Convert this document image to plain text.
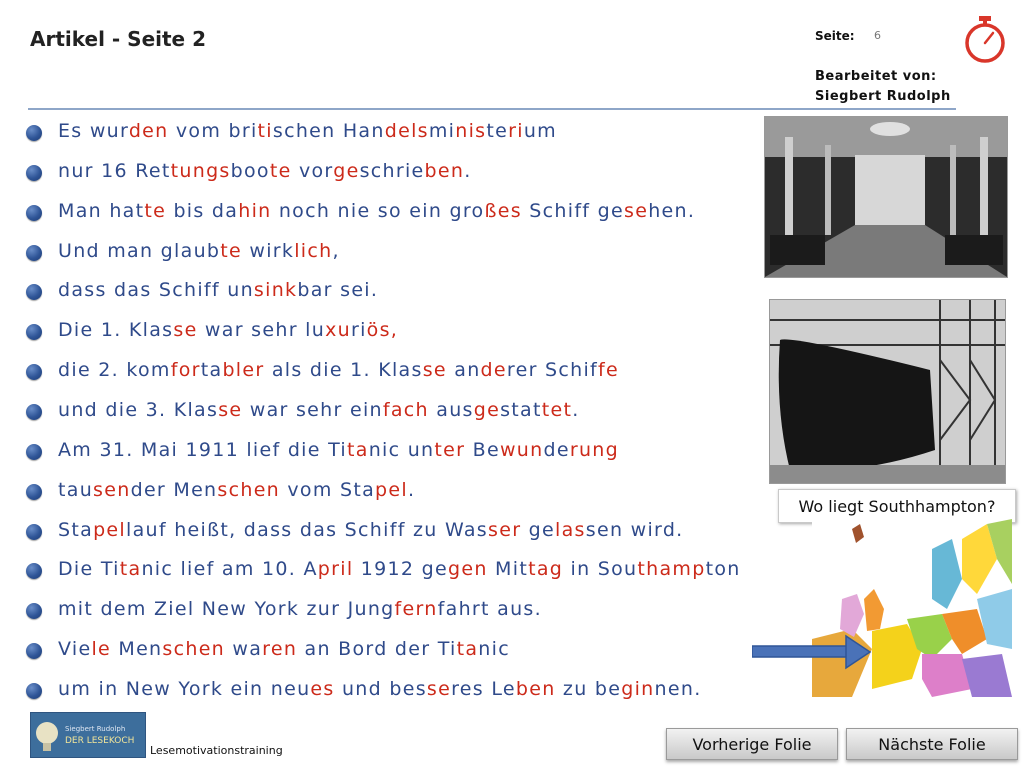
Artikel - Seite 2	Seite: 6
Bearbeitet von:
Siegbert Rudolph
Es wurden vom britischen Handelsministerium
nur 16 Rettungsboote vorgeschrieben.
Man hatte bis dahin noch nie so ein großes Schiff gesehen.
Und man glaubte wirklich,
dass das Schiff unsinkbar sei.
Die 1. Klasse war sehr luxuriös,
die 2. komfortabler als die 1. Klasse anderer Schiffe
und die 3. Klasse war sehr einfach ausgestattet.
Am 31. Mai 1911 lief die Titanic unter Bewunderung
tausender Menschen vom Stapel.
Stapellauf heißt, dass das Schiff zu Wasser gelassen wird.
Die Titanic lief am 10. April 1912 gegen Mittag in Southampton
mit dem Ziel New York zur Jungfernfahrt aus.
Viele Menschen waren an Bord der Titanic
um in New York ein neues und besseres Leben zu beginnen.
Wo liegt Southhampton?
Siegbert Rudolph
DER LESEKOCH
Lesemotivationstraining	Vorherige Folie	Nächste Folie
